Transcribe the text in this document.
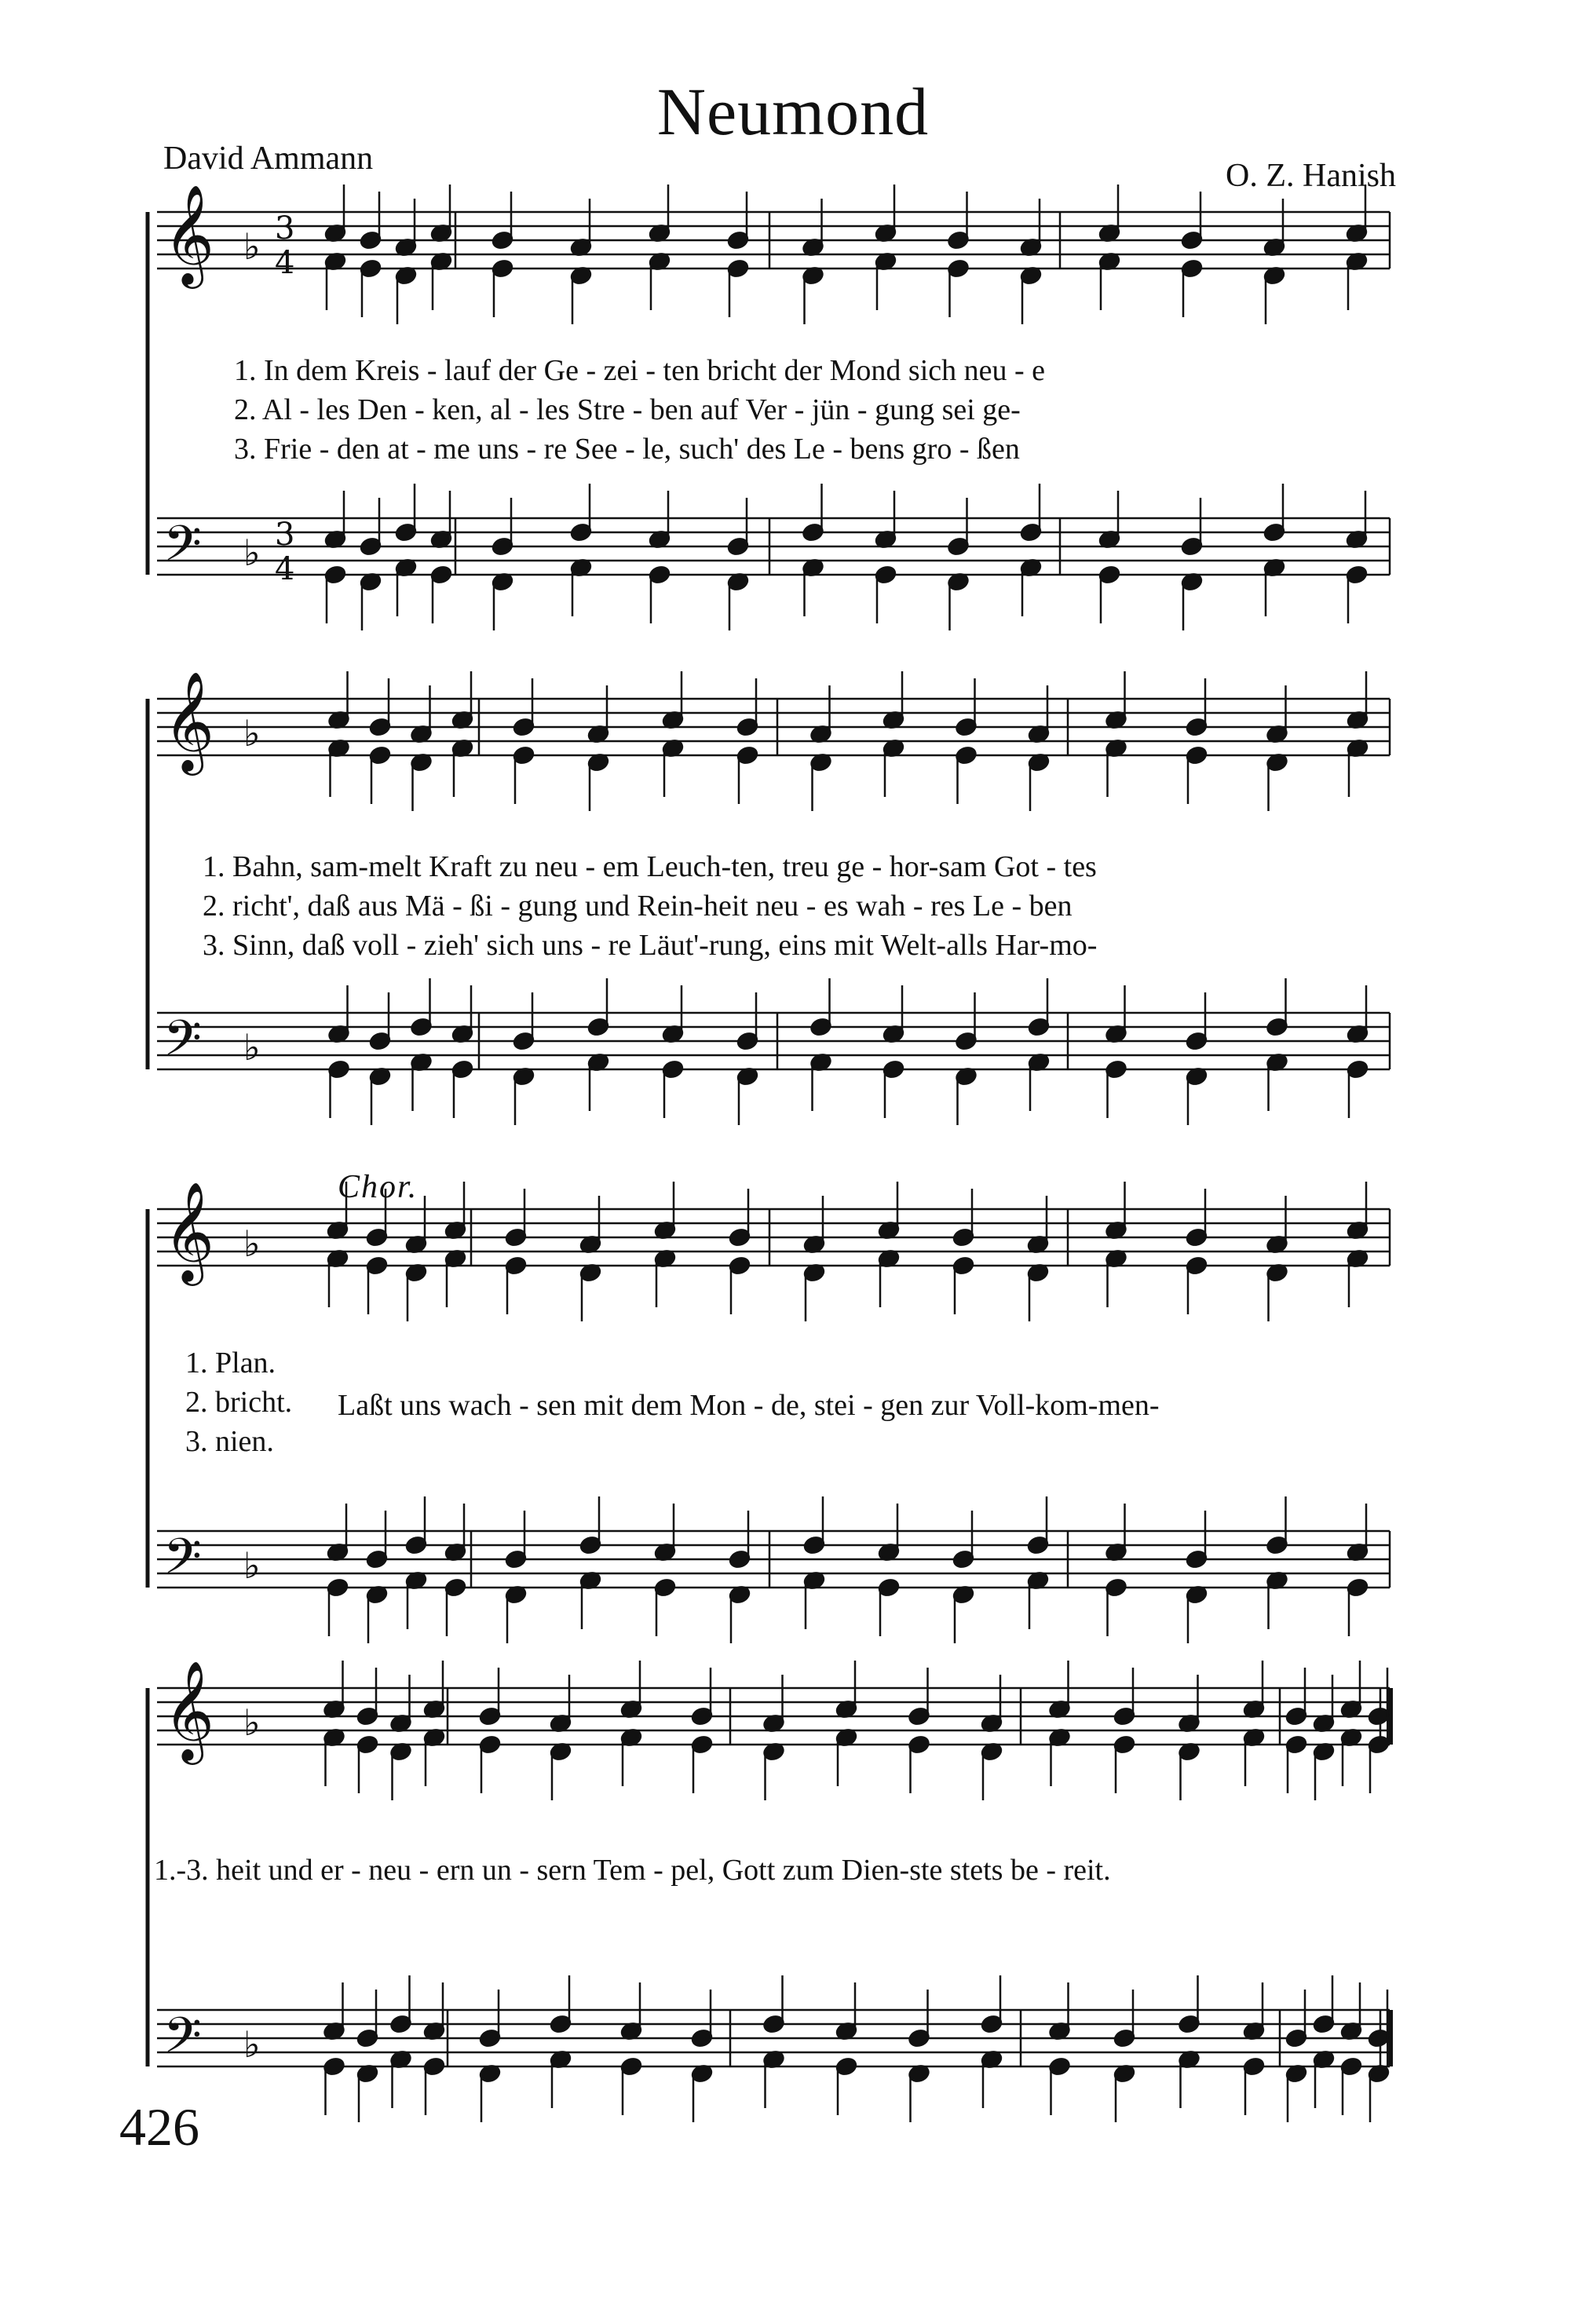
Neumond
David Ammann	O. Z. Hanish
𝄞 ♭ 3
4
𝄢 ♭ 3
4
𝄞 ♭
𝄢 ♭
𝄞 ♭
𝄢 ♭
𝄞 ♭
𝄢 ♭
1. In dem Kreis - lauf der Ge - zei - ten bricht der Mond sich neu - e
2. Al - les Den - ken, al - les Stre - ben auf Ver - jün - gung sei ge-
3. Frie - den at - me uns - re See - le, such' des Le - bens gro - ßen
1. Bahn, sam-melt Kraft zu neu - em Leuch-ten, treu ge - hor-sam Got - tes
2. richt', daß aus Mä - ßi - gung und Rein-heit neu - es wah - res Le - ben
3. Sinn, daß voll - zieh' sich uns - re Läut'-rung, eins mit Welt-alls Har-mo-
Chor.
1. Plan.
2. bricht.
3. nien.
Laßt uns wach - sen mit dem Mon - de, stei - gen zur Voll-kom-men-
1.-3. heit und er - neu - ern un - sern Tem - pel, Gott zum Dien-ste stets be - reit.
426
